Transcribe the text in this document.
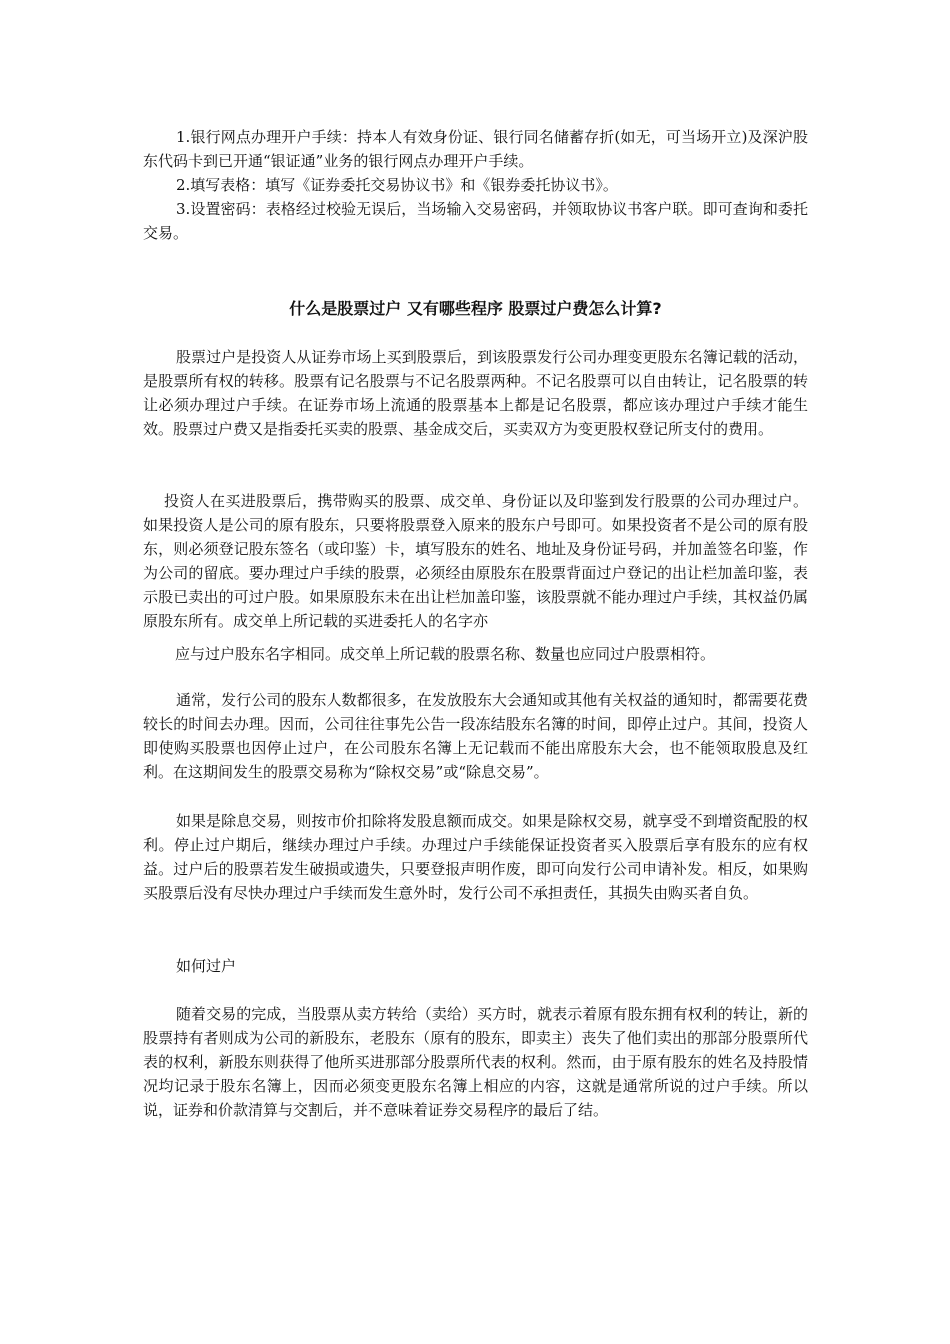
1.银行网点办理开户手续：持本人有效身份证、银行同名储蓄存折(如无，可当场开立)及深沪股东代码卡到已开通“银证通”业务的银行网点办理开户手续。

2.填写表格：填写《证券委托交易协议书》和《银券委托协议书》。

3.设置密码：表格经过校验无误后，当场输入交易密码，并领取协议书客户联。即可查询和委托交易。

什么是股票过户 又有哪些程序 股票过户费怎么计算?

股票过户是投资人从证券市场上买到股票后，到该股票发行公司办理变更股东名簿记载的活动，是股票所有权的转移。股票有记名股票与不记名股票两种。不记名股票可以自由转让，记名股票的转让必须办理过户手续。在证券市场上流通的股票基本上都是记名股票，都应该办理过户手续才能生效。股票过户费又是指委托买卖的股票、基金成交后，买卖双方为变更股权登记所支付的费用。

投资人在买进股票后，携带购买的股票、成交单、身份证以及印鉴到发行股票的公司办理过户。如果投资人是公司的原有股东，只要将股票登入原来的股东户号即可。如果投资者不是公司的原有股东，则必须登记股东签名（或印鉴）卡，填写股东的姓名、地址及身份证号码，并加盖签名印鉴，作为公司的留底。要办理过户手续的股票，必须经由原股东在股票背面过户登记的出让栏加盖印鉴，表示股已卖出的可过户股。如果原股东未在出让栏加盖印鉴，该股票就不能办理过户手续，其权益仍属原股东所有。成交单上所记载的买进委托人的名字亦

应与过户股东名字相同。成交单上所记载的股票名称、数量也应同过户股票相符。

通常，发行公司的股东人数都很多，在发放股东大会通知或其他有关权益的通知时，都需要花费较长的时间去办理。因而，公司往往事先公告一段冻结股东名簿的时间，即停止过户。其间，投资人即使购买股票也因停止过户，在公司股东名簿上无记载而不能出席股东大会，也不能领取股息及红利。在这期间发生的股票交易称为“除权交易”或“除息交易”。

如果是除息交易，则按市价扣除将发股息额而成交。如果是除权交易，就享受不到增资配股的权利。停止过户期后，继续办理过户手续。办理过户手续能保证投资者买入股票后享有股东的应有权益。过户后的股票若发生破损或遗失，只要登报声明作废，即可向发行公司申请补发。相反，如果购买股票后没有尽快办理过户手续而发生意外时，发行公司不承担责任，其损失由购买者自负。

如何过户

随着交易的完成，当股票从卖方转给（卖给）买方时，就表示着原有股东拥有权利的转让，新的股票持有者则成为公司的新股东，老股东（原有的股东，即卖主）丧失了他们卖出的那部分股票所代表的权利，新股东则获得了他所买进那部分股票所代表的权利。然而，由于原有股东的姓名及持股情况均记录于股东名簿上，因而必须变更股东名簿上相应的内容，这就是通常所说的过户手续。所以说，证券和价款清算与交割后，并不意味着证券交易程序的最后了结。
